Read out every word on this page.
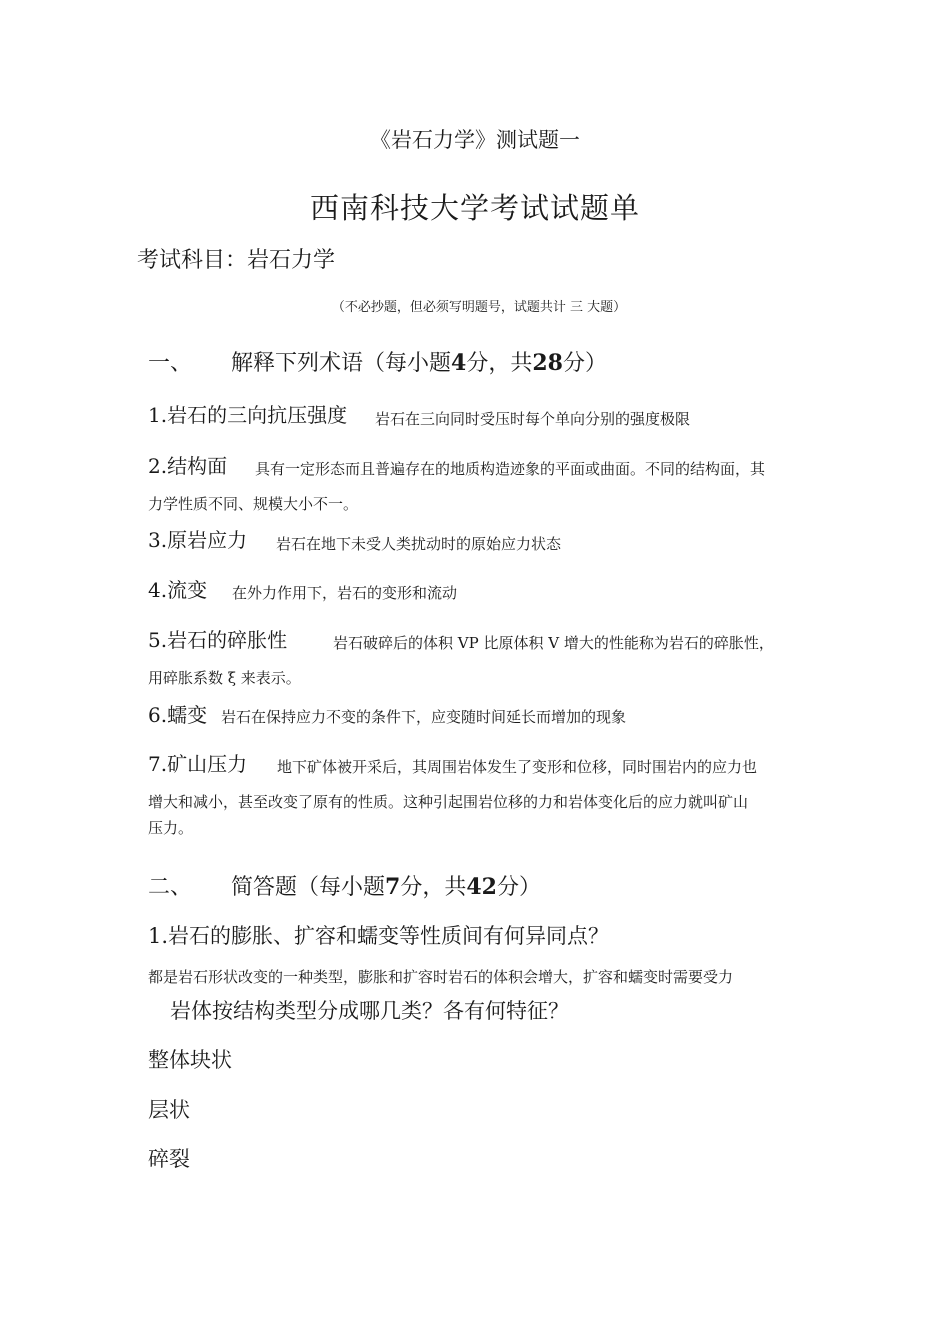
《岩石力学》测试题一
西南科技大学考试试题单
考试科目：岩石力学
（不必抄题，但必须写明题号，试题共计 三 大题）
一、 解释下列术语（每小题4分，共28分）
1.岩石的三向抗压强度 岩石在三向同时受压时每个单向分别的强度极限
2.结构面 具有一定形态而且普遍存在的地质构造迹象的平面或曲面。不同的结构面，其
力学性质不同、规模大小不一。
3.原岩应力 岩石在地下未受人类扰动时的原始应力状态
4.流变 在外力作用下，岩石的变形和流动
5.岩石的碎胀性	岩石破碎后的体积 VP 比原体积 V 增大的性能称为岩石的碎胀性，
用碎胀系数 ξ 来表示。
6.蠕变 岩石在保持应力不变的条件下，应变随时间延长而增加的现象
7.矿山压力 地下矿体被开采后，其周围岩体发生了变形和位移，同时围岩内的应力也
增大和减小，甚至改变了原有的性质。这种引起围岩位移的力和岩体变化后的应力就叫矿山
压力。
二、 简答题（每小题7分，共42分）
1.岩石的膨胀、扩容和蠕变等性质间有何异同点？
都是岩石形状改变的一种类型，膨胀和扩容时岩石的体积会增大，扩容和蠕变时需要受力
岩体按结构类型分成哪几类？各有何特征？
整体块状
层状
碎裂
